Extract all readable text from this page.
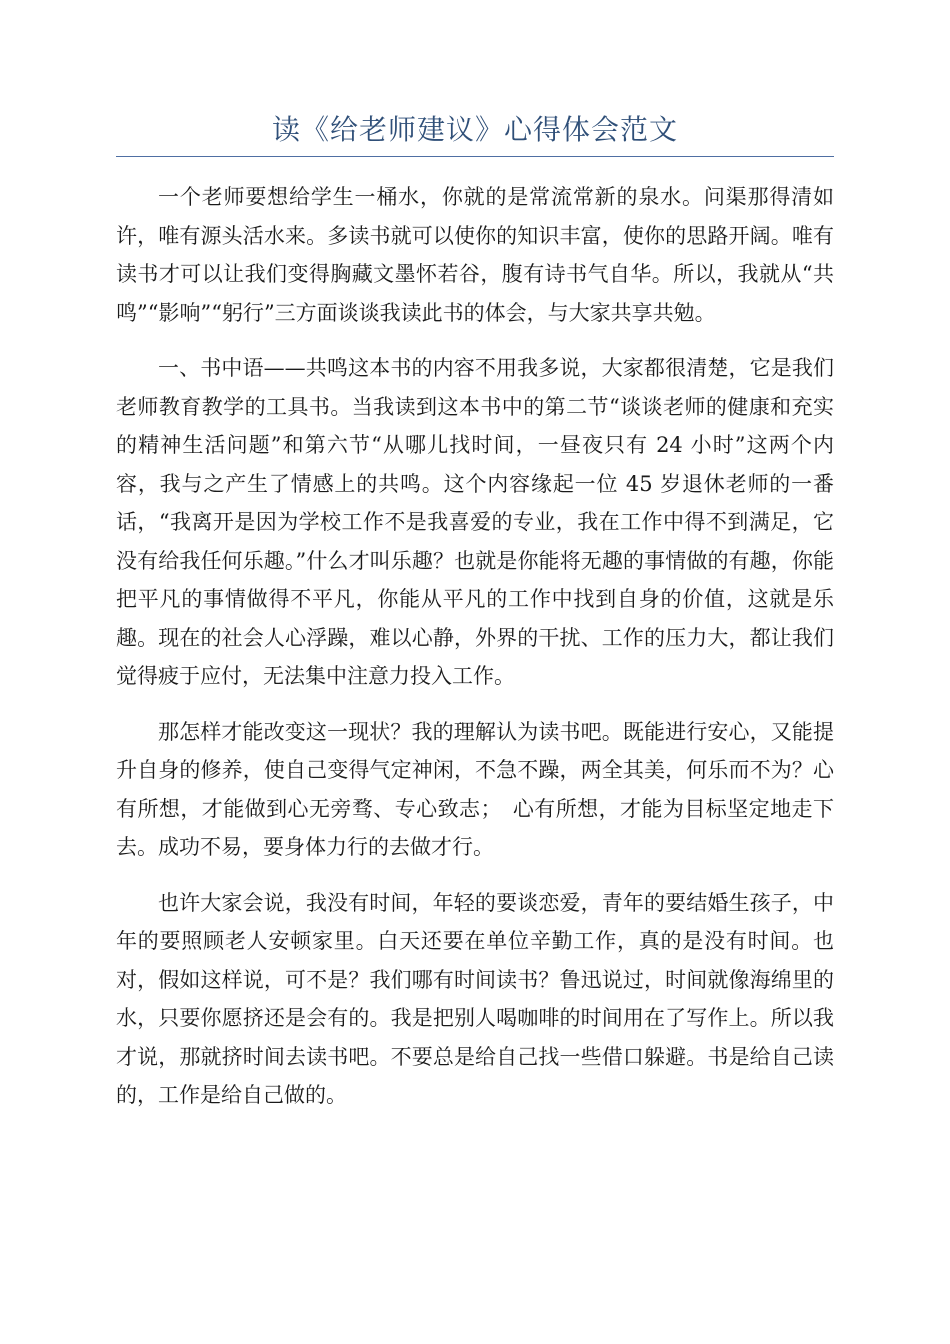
读《给老师建议》心得体会范文

一个老师要想给学生一桶水，你就的是常流常新的泉水。问渠那得清如许，唯有源头活水来。多读书就可以使你的知识丰富，使你的思路开阔。唯有读书才可以让我们变得胸藏文墨怀若谷，腹有诗书气自华。所以，我就从“共鸣”“影响”“躬行”三方面谈谈我读此书的体会，与大家共享共勉。

一、书中语——共鸣这本书的内容不用我多说，大家都很清楚，它是我们老师教育教学的工具书。当我读到这本书中的第二节“谈谈老师的健康和充实的精神生活问题”和第六节“从哪儿找时间，一昼夜只有 24 小时”这两个内容，我与之产生了情感上的共鸣。这个内容缘起一位 45 岁退休老师的一番话，“我离开是因为学校工作不是我喜爱的专业，我在工作中得不到满足，它没有给我任何乐趣。”什么才叫乐趣？也就是你能将无趣的事情做的有趣，你能把平凡的事情做得不平凡，你能从平凡的工作中找到自身的价值，这就是乐趣。现在的社会人心浮躁，难以心静，外界的干扰、工作的压力大，都让我们觉得疲于应付，无法集中注意力投入工作。

那怎样才能改变这一现状？我的理解认为读书吧。既能进行安心，又能提升自身的修养，使自己变得气定神闲，不急不躁，两全其美，何乐而不为？心有所想，才能做到心无旁骛、专心致志；　心有所想，才能为目标坚定地走下去。成功不易，要身体力行的去做才行。

也许大家会说，我没有时间，年轻的要谈恋爱，青年的要结婚生孩子，中年的要照顾老人安顿家里。白天还要在单位辛勤工作，真的是没有时间。也对，假如这样说，可不是？我们哪有时间读书？鲁迅说过，时间就像海绵里的水，只要你愿挤还是会有的。我是把别人喝咖啡的时间用在了写作上。所以我才说，那就挤时间去读书吧。不要总是给自己找一些借口躲避。书是给自己读的，工作是给自己做的。
